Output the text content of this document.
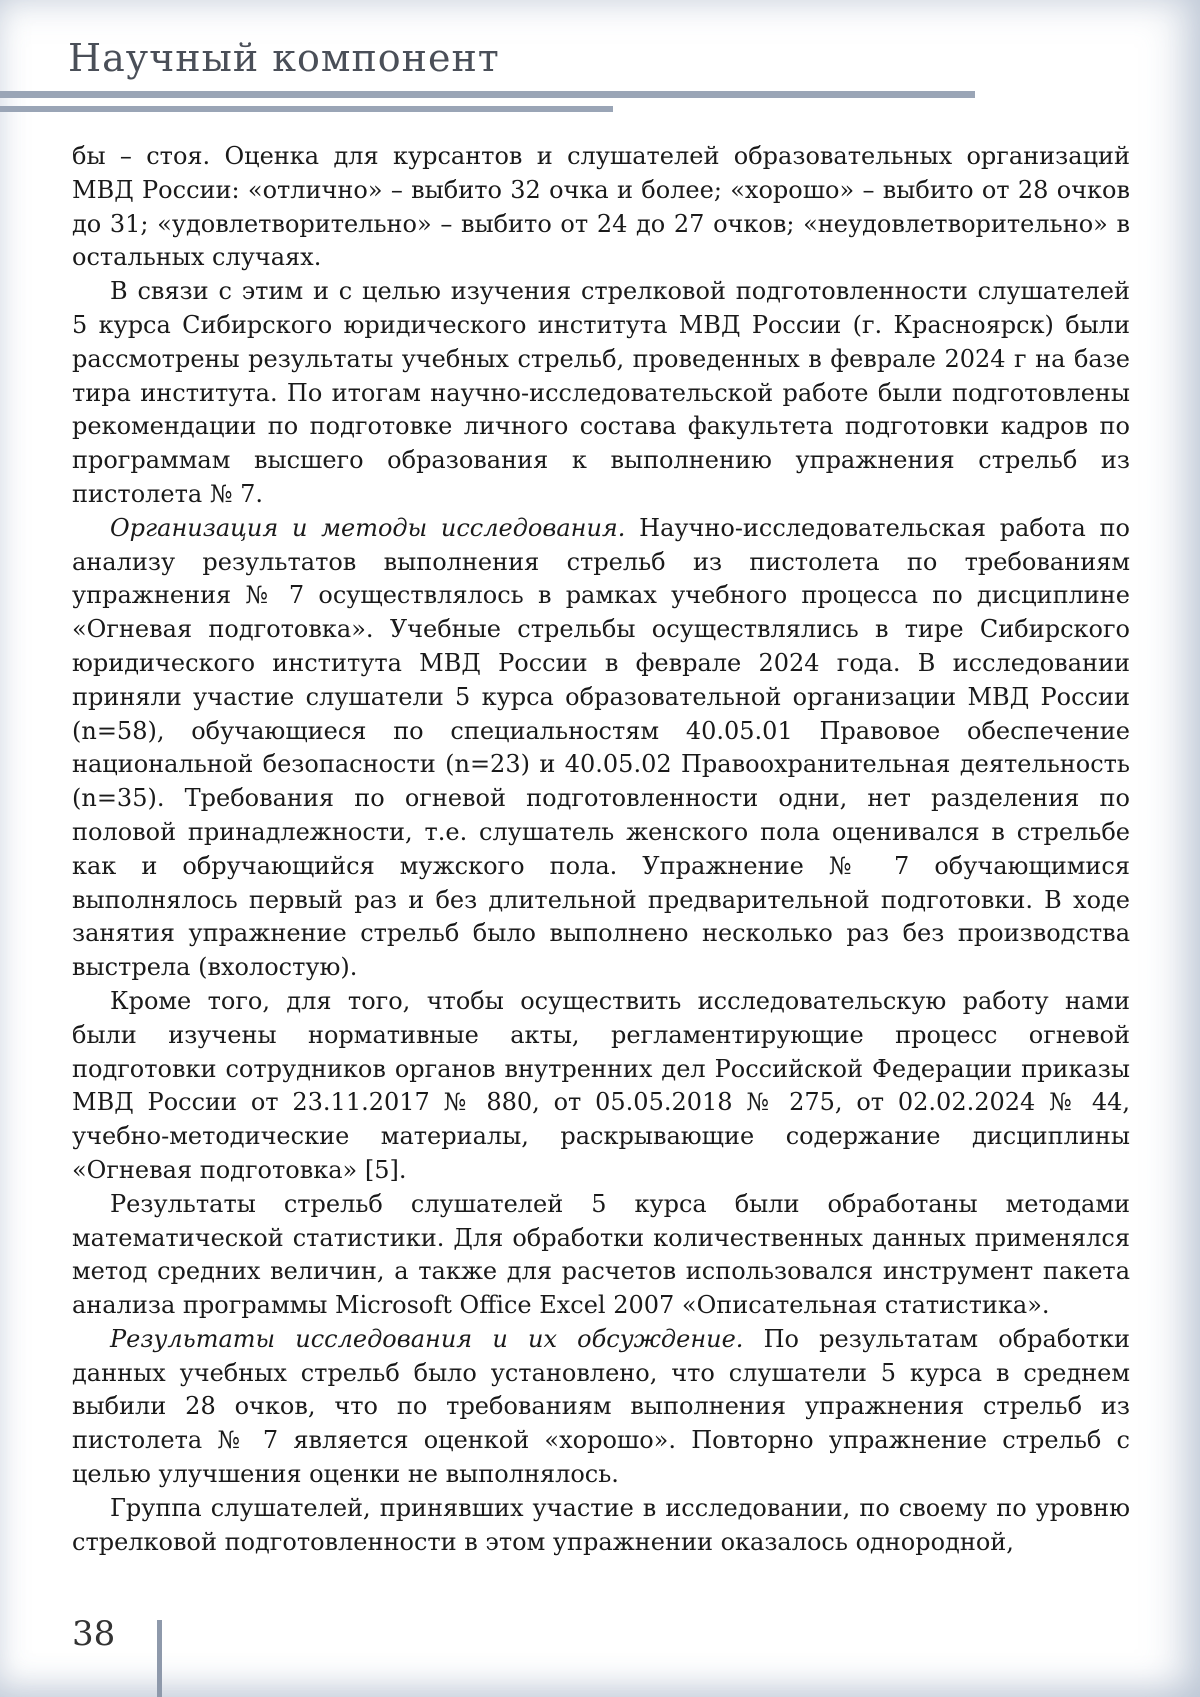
Научный компонент

бы – стоя. Оценка для курсантов и слушателей образовательных организаций МВД России: «отлично» – выбито 32 очка и более; «хорошо» – выбито от 28 очков до 31; «удовлетворительно» – выбито от 24 до 27 очков; «неудовлетворительно» в остальных случаях.

В связи с этим и с целью изучения стрелковой подготовленности слушателей 5 курса Сибирского юридического института МВД России (г. Красноярск) были рассмотрены результаты учебных стрельб, проведенных в феврале 2024 г на базе тира института. По итогам научно-исследовательской работе были подготовлены рекомендации по подготовке личного состава факультета подготовки кадров по программам высшего образования к выполнению упражнения стрельб из пистолета № 7.

Организация и методы исследования. Научно-исследовательская работа по анализу результатов выполнения стрельб из пистолета по требованиям упражнения № 7 осуществлялось в рамках учебного процесса по дисциплине «Огневая подготовка». Учебные стрельбы осуществлялись в тире Сибирского юридического института МВД России в феврале 2024 года. В исследовании приняли участие слушатели 5 курса образовательной организации МВД России (n=58), обучающиеся по специальностям 40.05.01 Правовое обеспечение национальной безопасности (n=23) и 40.05.02 Правоохранительная деятельность (n=35). Требования по огневой подготовленности одни, нет разделения по половой принадлежности, т.е. слушатель женского пола оценивался в стрельбе как и обручающийся мужского пола. Упражнение № 7 обучающимися выполнялось первый раз и без длительной предварительной подготовки. В ходе занятия упражнение стрельб было выполнено несколько раз без производства выстрела (вхолостую).

Кроме того, для того, чтобы осуществить исследовательскую работу нами были изучены нормативные акты, регламентирующие процесс огневой подготовки сотрудников органов внутренних дел Российской Федерации приказы МВД России от 23.11.2017 № 880, от 05.05.2018 № 275, от 02.02.2024 № 44, учебно-методические материалы, раскрывающие содержание дисциплины «Огневая подготовка» [5].

Результаты стрельб слушателей 5 курса были обработаны методами математической статистики. Для обработки количественных данных применялся метод средних величин, а также для расчетов использовался инструмент пакета анализа программы Microsoft Office Excel 2007 «Описательная статистика».

Результаты исследования и их обсуждение. По результатам обработки данных учебных стрельб было установлено, что слушатели 5 курса в среднем выбили 28 очков, что по требованиям выполнения упражнения стрельб из пистолета № 7 является оценкой «хорошо». Повторно упражнение стрельб с целью улучшения оценки не выполнялось.

Группа слушателей, принявших участие в исследовании, по своему по уровню стрелковой подготовленности в этом упражнении оказалось однородной,

38
